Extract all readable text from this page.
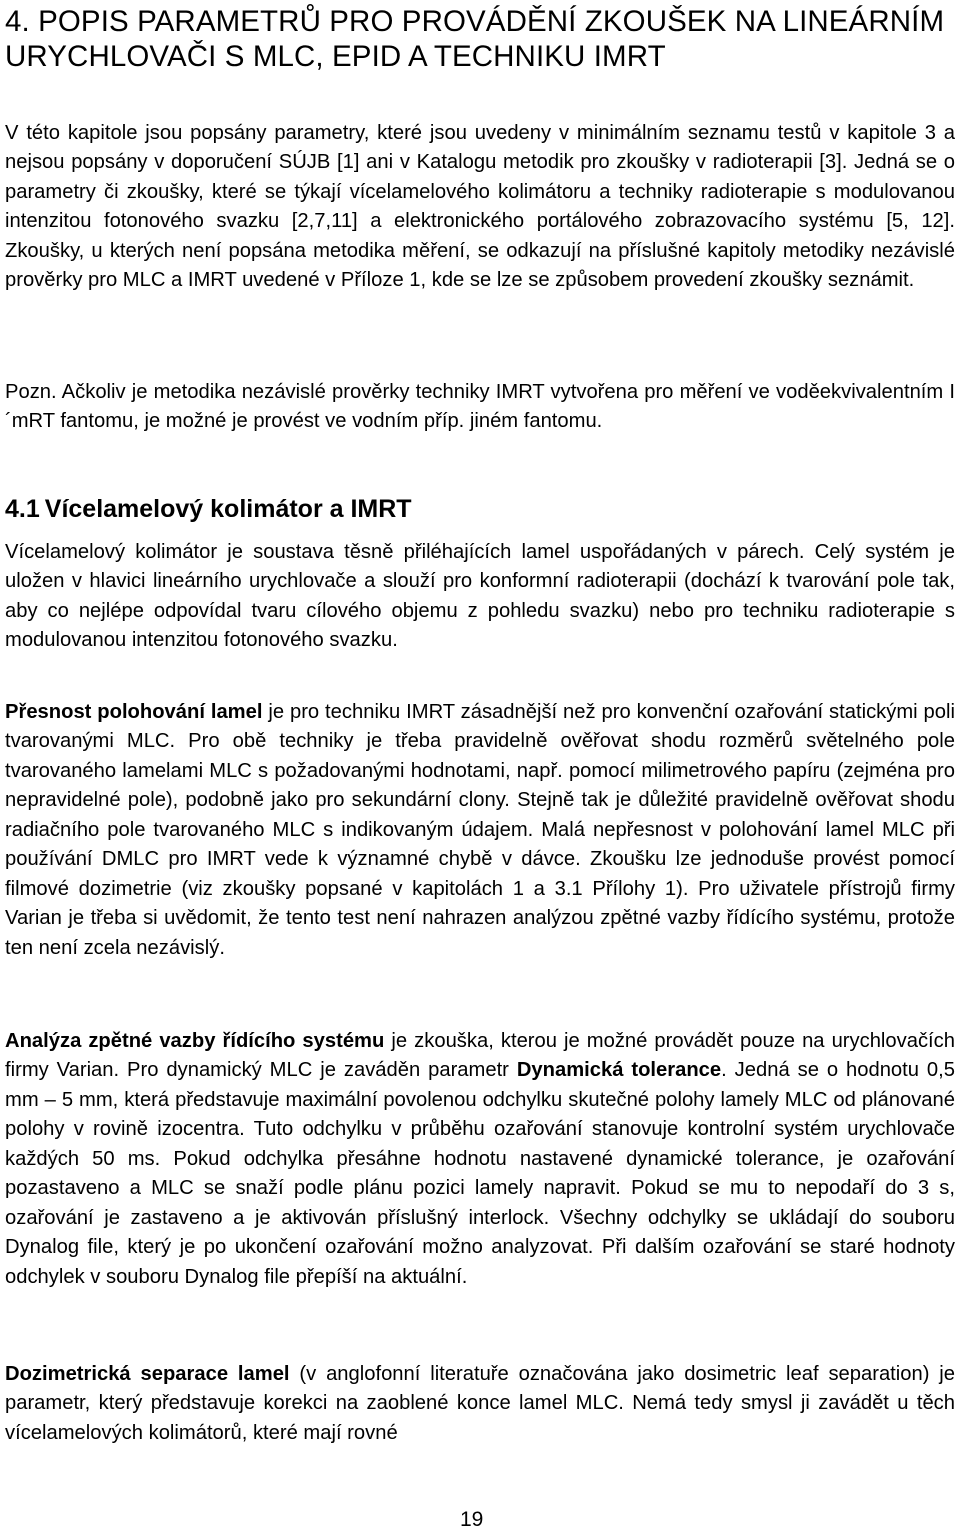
4. POPIS PARAMETRŮ PRO PROVÁDĚNÍ ZKOUŠEK NA LINEÁRNÍM URYCHLOVAČI S MLC, EPID A TECHNIKU IMRT

V této kapitole jsou popsány parametry, které jsou uvedeny v minimálním seznamu testů v kapitole 3 a nejsou popsány v doporučení SÚJB [1] ani v Katalogu metodik pro zkoušky v radioterapii [3]. Jedná se o parametry či zkoušky, které se týkají vícelamelového kolimátoru a techniky radioterapie s modulovanou intenzitou fotonového svazku [2,7,11] a elektronického portálového zobrazovacího systému [5, 12]. Zkoušky, u kterých není popsána metodika měření, se odkazují na příslušné kapitoly metodiky nezávislé prověrky pro MLC a IMRT uvedené v Příloze 1, kde se lze se způsobem provedení zkoušky seznámit.

Pozn. Ačkoliv je metodika nezávislé prověrky techniky IMRT vytvořena pro měření ve voděekvivalentním I´mRT fantomu, je možné je provést ve vodním příp. jiném fantomu.

4.1 Vícelamelový kolimátor a IMRT

Vícelamelový kolimátor je soustava těsně přiléhajících lamel uspořádaných v párech. Celý systém je uložen v hlavici lineárního urychlovače a slouží pro konformní radioterapii (dochází k tvarování pole tak, aby co nejlépe odpovídal tvaru cílového objemu z pohledu svazku) nebo pro techniku radioterapie s modulovanou intenzitou fotonového svazku.

Přesnost polohování lamel je pro techniku IMRT zásadnější než pro konvenční ozařování statickými poli tvarovanými MLC. Pro obě techniky je třeba pravidelně ověřovat shodu rozměrů světelného pole tvarovaného lamelami MLC s požadovanými hodnotami, např. pomocí milimetrového papíru (zejména pro nepravidelné pole), podobně jako pro sekundární clony. Stejně tak je důležité pravidelně ověřovat shodu radiačního pole tvarovaného MLC s indikovaným údajem. Malá nepřesnost v polohování lamel MLC při používání DMLC pro IMRT vede k významné chybě v dávce. Zkoušku lze jednoduše provést pomocí filmové dozimetrie (viz zkoušky popsané v kapitolách 1 a 3.1 Přílohy 1). Pro uživatele přístrojů firmy Varian je třeba si uvědomit, že tento test není nahrazen analýzou zpětné vazby řídícího systému, protože ten není zcela nezávislý.

Analýza zpětné vazby řídícího systému je zkouška, kterou je možné provádět pouze na urychlovačích firmy Varian. Pro dynamický MLC je zaváděn parametr Dynamická tolerance. Jedná se o hodnotu 0,5 mm – 5 mm, která představuje maximální povolenou odchylku skutečné polohy lamely MLC od plánované polohy v rovině izocentra. Tuto odchylku v průběhu ozařování stanovuje kontrolní systém urychlovače každých 50 ms. Pokud odchylka přesáhne hodnotu nastavené dynamické tolerance, je ozařování pozastaveno a MLC se snaží podle plánu pozici lamely napravit. Pokud se mu to nepodaří do 3 s, ozařování je zastaveno a je aktivován příslušný interlock. Všechny odchylky se ukládají do souboru Dynalog file, který je po ukončení ozařování možno analyzovat. Při dalším ozařování se staré hodnoty odchylek v souboru Dynalog file přepíší na aktuální.

Dozimetrická separace lamel (v anglofonní literatuře označována jako dosimetric leaf separation) je parametr, který představuje korekci na zaoblené konce lamel MLC. Nemá tedy smysl ji zavádět u těch vícelamelových kolimátorů, které mají rovné

19
